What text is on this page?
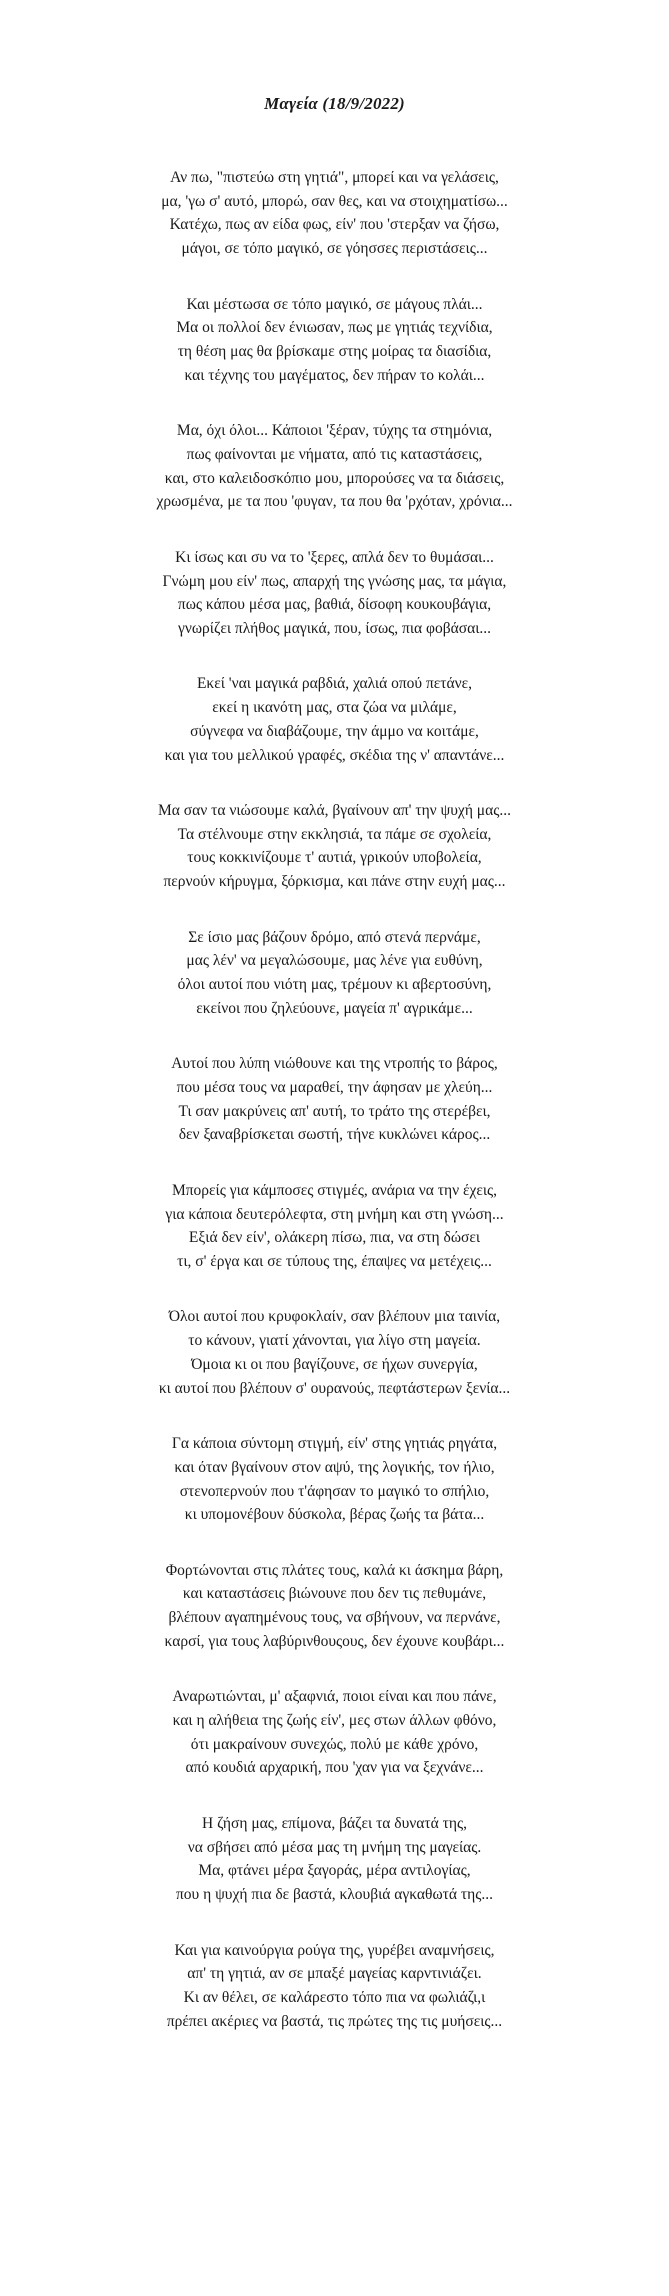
Μαγεία (18/9/2022)
Αν πω, "πιστεύω στη γητιά", μπορεί και να γελάσεις,
μα, 'γω σ' αυτό, μπορώ, σαν θες, και να στοιχηματίσω...
Κατέχω, πως αν είδα φως, είν' που 'στερξαν να ζήσω,
μάγοι, σε τόπο μαγικό, σε γόησσες περιστάσεις...
Και μέστωσα σε τόπο μαγικό, σε μάγους πλάι...
Μα οι πολλοί δεν ένιωσαν, πως με γητιάς τεχνίδια,
τη θέση μας θα βρίσκαμε στης μοίρας τα διασίδια,
και τέχνης του μαγέματος, δεν πήραν το κολάι...
Μα, όχι όλοι... Κάποιοι 'ξέραν, τύχης τα στημόνια,
πως φαίνονται με νήματα, από τις καταστάσεις,
και, στο καλειδοσκόπιο μου, μπορούσες να τα διάσεις,
χρωσμένα, με τα που 'φυγαν, τα που θα 'ρχόταν, χρόνια...
Κι ίσως και συ να το 'ξερες, απλά δεν το θυμάσαι...
Γνώμη μου είν' πως, απαρχή της γνώσης μας, τα μάγια,
πως κάπου μέσα μας, βαθιά, δίσοφη κουκουβάγια,
γνωρίζει πλήθος μαγικά, που, ίσως, πια φοβάσαι...
Εκεί 'ναι μαγικά ραβδιά, χαλιά οπού πετάνε,
εκεί η ικανότη μας, στα ζώα να μιλάμε,
σύγνεφα να διαβάζουμε, την άμμο να κοιτάμε,
και για του μελλικού γραφές, σκέδια της ν' απαντάνε...
Μα σαν τα νιώσουμε καλά, βγαίνουν απ' την ψυχή μας...
Τα στέλνουμε στην εκκλησιά, τα πάμε σε σχολεία,
τους κοκκινίζουμε τ' αυτιά, γρικούν υποβολεία,
περνούν κήρυγμα, ξόρκισμα, και πάνε στην ευχή μας...
Σε ίσιο μας βάζουν δρόμο, από στενά περνάμε,
μας λέν' να μεγαλώσουμε, μας λένε για ευθύνη,
όλοι αυτοί που νιότη μας, τρέμουν κι αβερτοσύνη,
εκείνοι που ζηλεύουνε, μαγεία π' αγρικάμε...
Αυτοί που λύπη νιώθουνε και της ντροπής το βάρος,
που μέσα τους να μαραθεί, την άφησαν με χλεύη...
Τι σαν μακρύνεις απ' αυτή, το τράτο της στερέβει,
δεν ξαναβρίσκεται σωστή, τήνε κυκλώνει κάρος...
Μπορείς για κάμποσες στιγμές, ανάρια να την έχεις,
για κάποια δευτερόλεφτα, στη μνήμη και στη γνώση...
Εξιά δεν είν', ολάκερη πίσω, πια, να στη δώσει
τι, σ' έργα και σε τύπους της, έπαψες να μετέχεις...
Όλοι αυτοί που κρυφοκλαίν, σαν βλέπουν μια ταινία,
το κάνουν, γιατί χάνονται, για λίγο στη μαγεία.
Όμοια κι οι που βαγίζουνε, σε ήχων συνεργία,
κι αυτοί που βλέπουν σ' ουρανούς, πεφτάστερων ξενία...
Γα κάποια σύντομη στιγμή, είν' στης γητιάς ρηγάτα,
και όταν βγαίνουν στον αψύ, της λογικής, τον ήλιο,
στενοπερνούν που τ'άφησαν το μαγικό το σπήλιο,
κι υπομονέβουν δύσκολα, βέρας ζωής τα βάτα...
Φορτώνονται στις πλάτες τους, καλά κι άσκημα βάρη,
και καταστάσεις βιώνουνε που δεν τις πεθυμάνε,
βλέπουν αγαπημένους τους, να σβήνουν, να περνάνε,
καρσί, για τους λαβύρινθουςους, δεν έχουνε κουβάρι...
Αναρωτιώνται, μ' αξαφνιά, ποιοι είναι και που πάνε,
και η αλήθεια της ζωής είν', μες στων άλλων φθόνο,
ότι μακραίνουν συνεχώς, πολύ με κάθε χρόνο,
από κουδιά αρχαρική, που 'χαν για να ξεχνάνε...
Η ζήση μας, επίμονα, βάζει τα δυνατά της,
να σβήσει από μέσα μας τη μνήμη της μαγείας.
Μα, φτάνει μέρα ξαγοράς, μέρα αντιλογίας,
που η ψυχή πια δε βαστά, κλουβιά αγκαθωτά της...
Και για καινούργια ρούγα της, γυρέβει αναμνήσεις,
απ' τη γητιά, αν σε μπαξέ μαγείας καρντινιάζει.
Κι αν θέλει, σε καλάρεστο τόπο πια να φωλιάζι,ι
πρέπει ακέριες να βαστά, τις πρώτες της τις μυήσεις...
